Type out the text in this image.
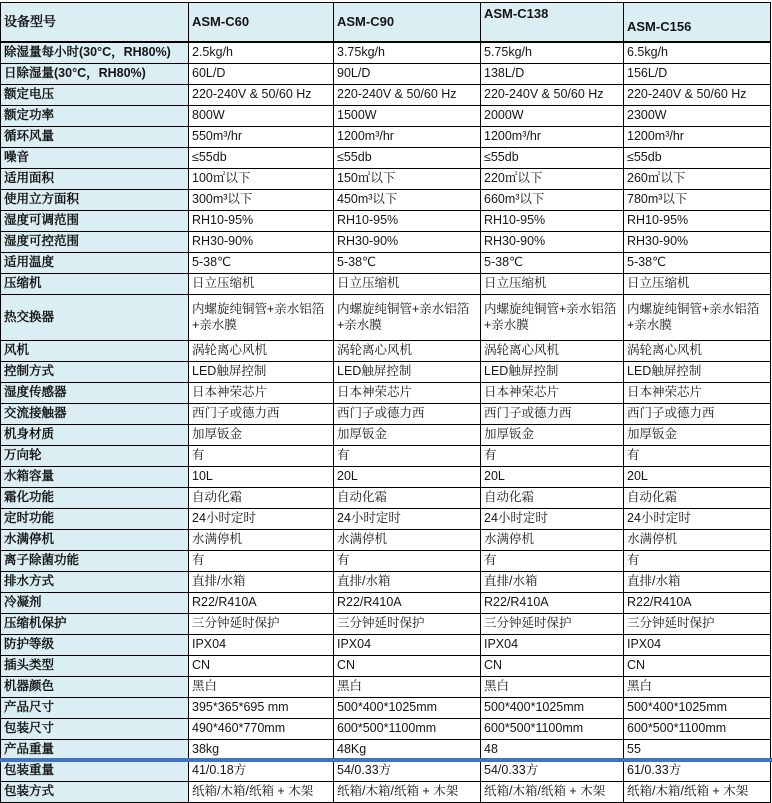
设备型号	ASM-C60	ASM-C90	ASM-C138	ASM-C156
除湿量每小时(30°C，RH80%)	2.5kg/h	3.75kg/h	5.75kg/h	6.5kg/h
日除湿量(30°C，RH80%)	60L/D	90L/D	138L/D	156L/D
额定电压	220-240V & 50/60 Hz	220-240V & 50/60 Hz	220-240V & 50/60 Hz	220-240V & 50/60 Hz
额定功率	800W	1500W	2000W	2300W
循环风量	550m³/hr	1200m³/hr	1200m³/hr	1200m³/hr
噪音	≤55db	≤55db	≤55db	≤55db
适用面积	100㎡以下	150㎡以下	220㎡以下	260㎡以下
使用立方面积	300m³以下	450m³以下	660m³以下	780m³以下
湿度可调范围	RH10-95%	RH10-95%	RH10-95%	RH10-95%
湿度可控范围	RH30-90%	RH30-90%	RH30-90%	RH30-90%
适用温度	5-38℃	5-38℃	5-38℃	5-38℃
压缩机	日立压缩机	日立压缩机	日立压缩机	日立压缩机
热交换器	内螺旋纯铜管+亲水铝箔+亲水膜	内螺旋纯铜管+亲水铝箔+亲水膜	内螺旋纯铜管+亲水铝箔+亲水膜	内螺旋纯铜管+亲水铝箔+亲水膜
风机	涡轮离心风机	涡轮离心风机	涡轮离心风机	涡轮离心风机
控制方式	LED触屏控制	LED触屏控制	LED触屏控制	LED触屏控制
湿度传感器	日本神荣芯片	日本神荣芯片	日本神荣芯片	日本神荣芯片
交流接触器	西门子或德力西	西门子或德力西	西门子或德力西	西门子或德力西
机身材质	加厚钣金	加厚钣金	加厚钣金	加厚钣金
万向轮	有	有	有	有
水箱容量	10L	20L	20L	20L
霜化功能	自动化霜	自动化霜	自动化霜	自动化霜
定时功能	24小时定时	24小时定时	24小时定时	24小时定时
水满停机	水满停机	水满停机	水满停机	水满停机
离子除菌功能	有	有	有	有
排水方式	直排/水箱	直排/水箱	直排/水箱	直排/水箱
冷凝剂	R22/R410A	R22/R410A	R22/R410A	R22/R410A
压缩机保护	三分钟延时保护	三分钟延时保护	三分钟延时保护	三分钟延时保护
防护等级	IPX04	IPX04	IPX04	IPX04
插头类型	CN	CN	CN	CN
机器颜色	黑白	黑白	黑白	黑白
产品尺寸	395*365*695 mm	500*400*1025mm	500*400*1025mm	500*400*1025mm
包装尺寸	490*460*770mm	600*500*1100mm	600*500*1100mm	600*500*1100mm
产品重量	38kg	48Kg	48	55
包装重量	41/0.18方	54/0.33方	54/0.33方	61/0.33方
包装方式	纸箱/木箱/纸箱 + 木架	纸箱/木箱/纸箱 + 木架	纸箱/木箱/纸箱 + 木架	纸箱/木箱/纸箱 + 木架
